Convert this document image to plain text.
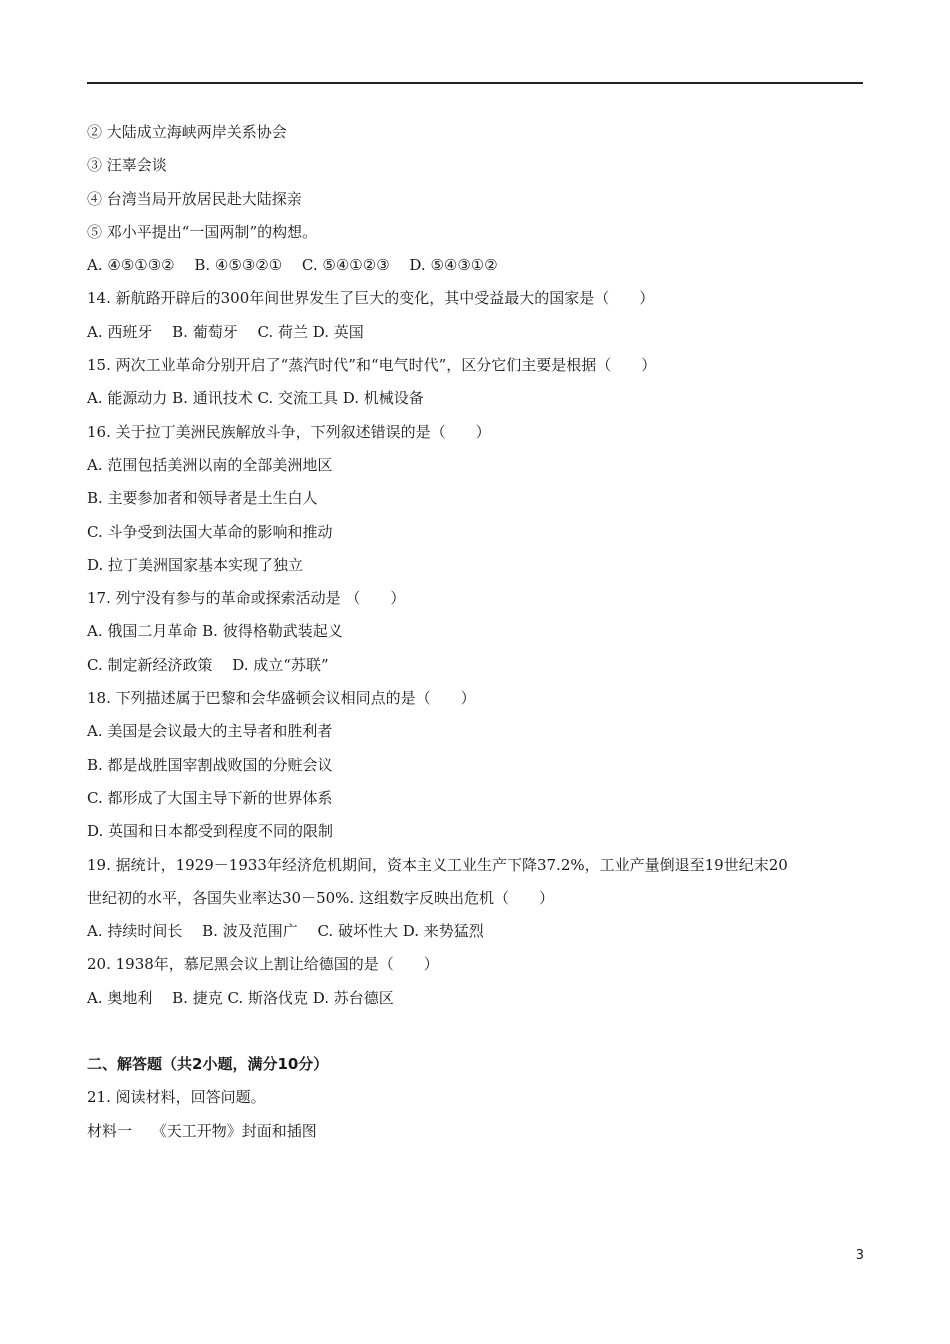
② 大陆成立海峡两岸关系协会
③ 汪辜会谈
④ 台湾当局开放居民赴大陆探亲
⑤ 邓小平提出“一国两制”的构想。
A. ④⑤①③②　 B. ④⑤③②①　 C. ⑤④①②③　 D. ⑤④③①②
14. 新航路开辟后的300年间世界发生了巨大的变化，其中受益最大的国家是（　　）
A. 西班牙　 B. 葡萄牙　 C. 荷兰 D. 英国
15. 两次工业革命分别开启了“蒸汽时代”和“电气时代”，区分它们主要是根据（　　）
A. 能源动力 B. 通讯技术 C. 交流工具 D. 机械设备
16. 关于拉丁美洲民族解放斗争，下列叙述错误的是（　　）
A. 范围包括美洲以南的全部美洲地区
B. 主要参加者和领导者是土生白人
C. 斗争受到法国大革命的影响和推动
D. 拉丁美洲国家基本实现了独立
17. 列宁没有参与的革命或探索活动是 （　　）
A. 俄国二月革命 B. 彼得格勒武装起义
C. 制定新经济政策　 D. 成立“苏联”
18. 下列描述属于巴黎和会华盛顿会议相同点的是（　　）
A. 美国是会议最大的主导者和胜利者
B. 都是战胜国宰割战败国的分赃会议
C. 都形成了大国主导下新的世界体系
D. 英国和日本都受到程度不同的限制
19. 据统计，1929－1933年经济危机期间，资本主义工业生产下降37.2%，工业产量倒退至19世纪末20
世纪初的水平，各国失业率达30－50%. 这组数字反映出危机（　　）
A. 持续时间长　 B. 波及范围广　 C. 破坏性大 D. 来势猛烈
20. 1938年，慕尼黑会议上割让给德国的是（　　）
A. 奥地利　 B. 捷克 C. 斯洛伐克 D. 苏台德区
二、解答题（共2小题，满分10分）
21. 阅读材料，回答问题。
材料一　 《天工开物》封面和插图
3
